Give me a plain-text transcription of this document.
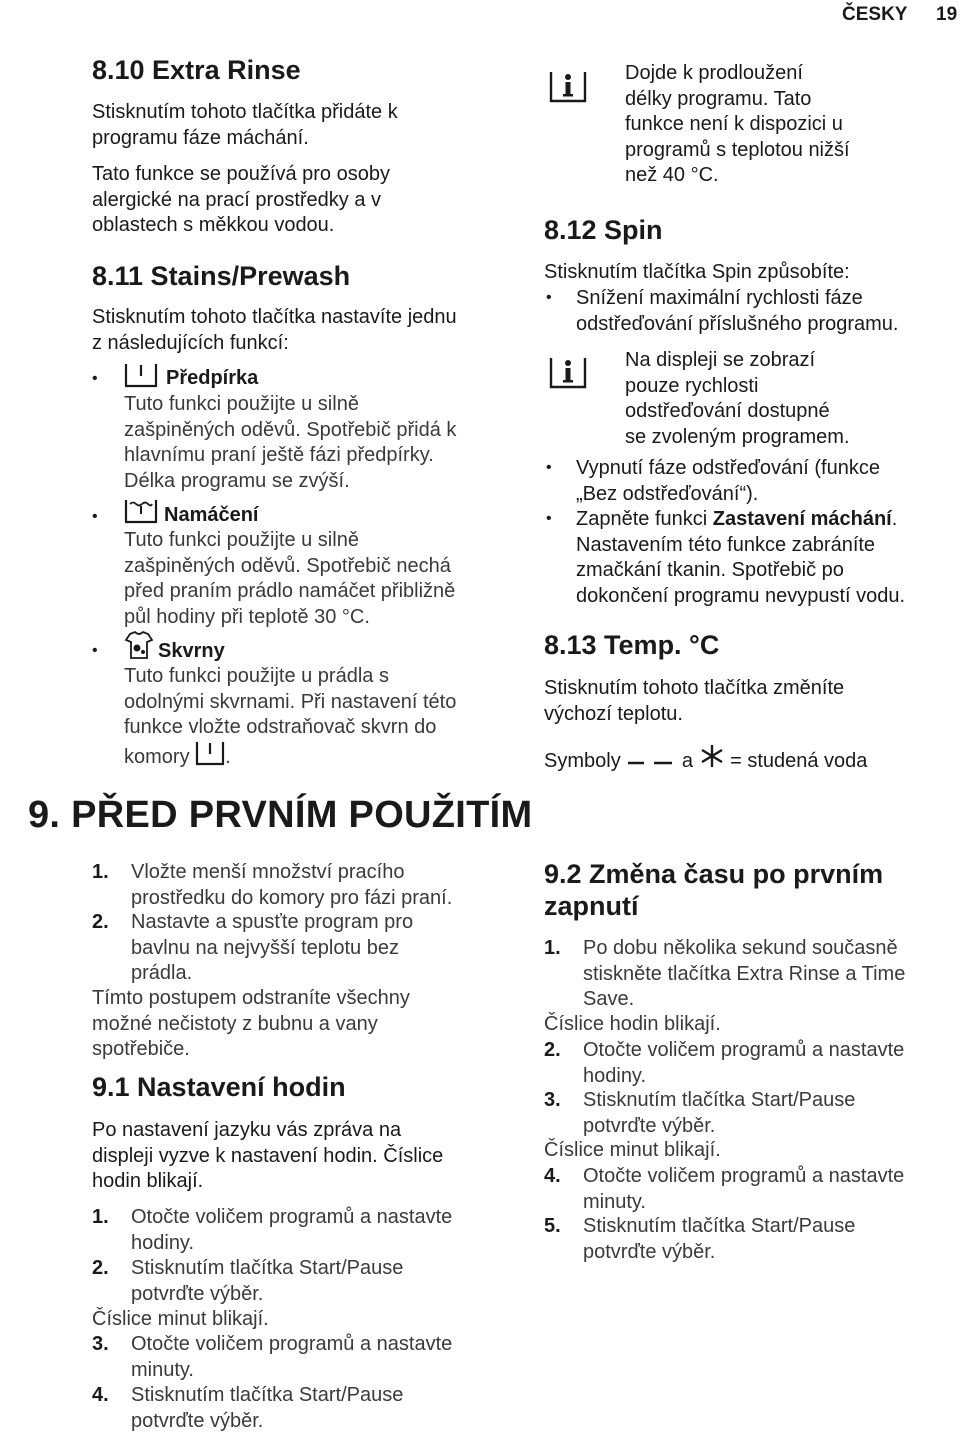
ČESKY 19
8.10 Extra Rinse
Stisknutím tohoto tlačítka přidáte k
programu fáze máchání.
Tato funkce se používá pro osoby
alergické na prací prostředky a v
oblastech s měkkou vodou.
8.11 Stains/Prewash
Stisknutím tohoto tlačítka nastavíte jednu
z následujících funkcí:
•	Předpírka
Tuto funkci použijte u silně
zašpiněných oděvů. Spotřebič přidá k
hlavnímu praní ještě fázi předpírky.
Délka programu se zvýší.
•	Namáčení
Tuto funkci použijte u silně
zašpiněných oděvů. Spotřebič nechá
před praním prádlo namáčet přibližně
půl hodiny při teplotě 30 °C.
•	Skvrny
Tuto funkci použijte u prádla s
odolnými skvrnami. Při nastavení této
funkce vložte odstraňovač skvrn do
komory .
9. PŘED PRVNÍM POUŽITÍM
1. Vložte menší množství pracího
prostředku do komory pro fázi praní.
2. Nastavte a spusťte program pro
bavlnu na nejvyšší teplotu bez
prádla.
Tímto postupem odstraníte všechny
možné nečistoty z bubnu a vany
spotřebiče.
9.1 Nastavení hodin
Po nastavení jazyku vás zpráva na
displeji vyzve k nastavení hodin. Číslice
hodin blikají.
1. Otočte voličem programů a nastavte
hodiny.
2. Stisknutím tlačítka Start/Pause
potvrďte výběr.
Číslice minut blikají.
3. Otočte voličem programů a nastavte
minuty.
4. Stisknutím tlačítka Start/Pause
potvrďte výběr.
Dojde k prodloužení
délky programu. Tato
funkce není k dispozici u
programů s teplotou nižší
než 40 °C.
8.12 Spin
Stisknutím tlačítka Spin způsobíte:
• Snížení maximální rychlosti fáze
odstřeďování příslušného programu.
Na displeji se zobrazí
pouze rychlosti
odstřeďování dostupné
se zvoleným programem.
• Vypnutí fáze odstřeďování (funkce
„Bez odstřeďování“).
• Zapněte funkci Zastavení máchání.
Nastavením této funkce zabráníte
zmačkání tkanin. Spotřebič po
dokončení programu nevypustí vodu.
8.13 Temp. °C
Stisknutím tohoto tlačítka změníte
výchozí teplotu.
Symboly	a = studená voda
9.2 Změna času po prvním
zapnutí
1. Po dobu několika sekund současně
stiskněte tlačítka Extra Rinse a Time
Save.
Číslice hodin blikají.
2. Otočte voličem programů a nastavte
hodiny.
3. Stisknutím tlačítka Start/Pause
potvrďte výběr.
Číslice minut blikají.
4. Otočte voličem programů a nastavte
minuty.
5. Stisknutím tlačítka Start/Pause
potvrďte výběr.
